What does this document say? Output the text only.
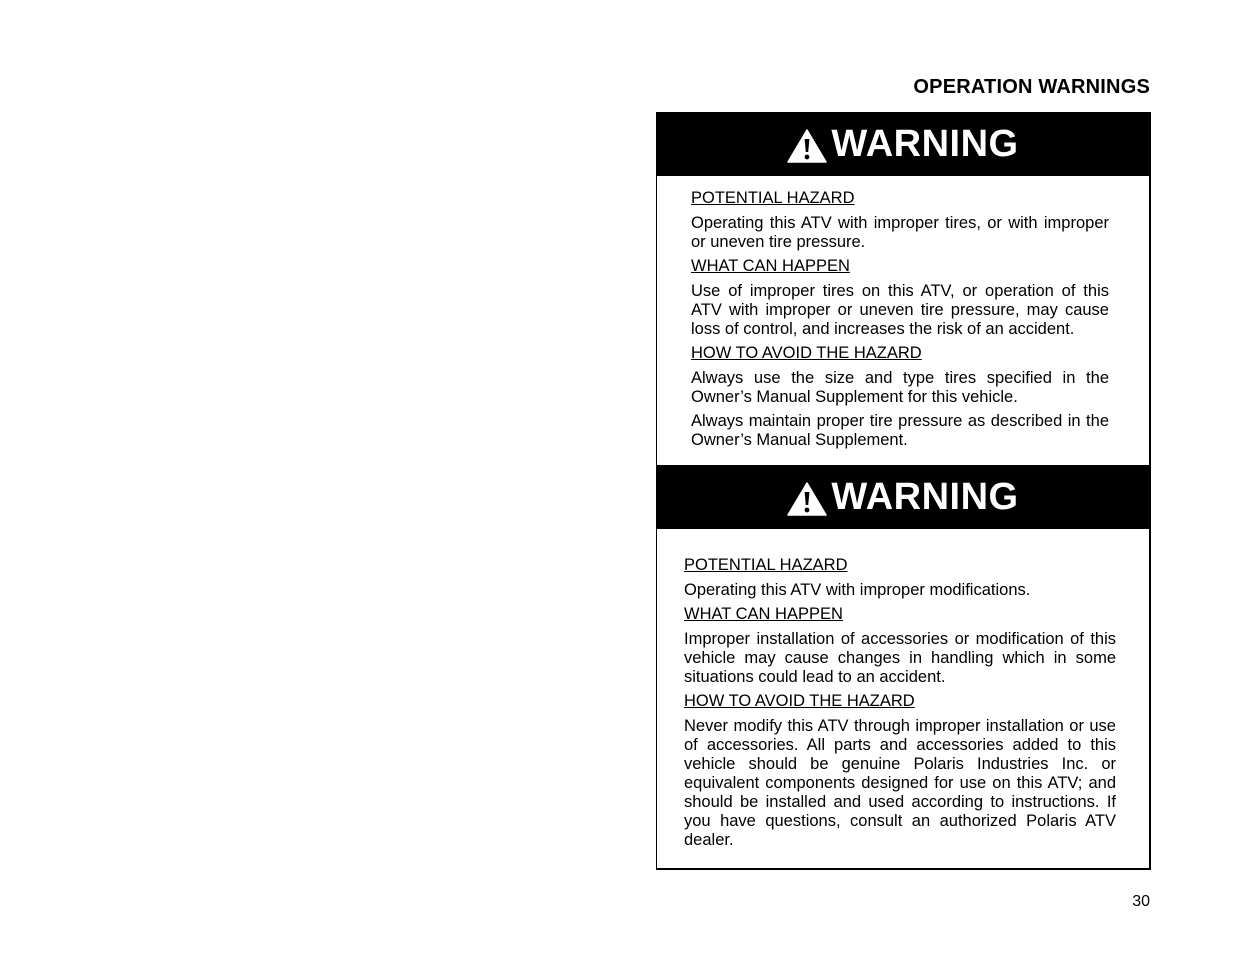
OPERATION WARNINGS
WARNING

POTENTIAL HAZARD

Operating this ATV with improper tires, or with improper or uneven tire pressure.

WHAT CAN HAPPEN

Use of improper tires on this ATV, or operation of this ATV with improper or uneven tire pressure, may cause loss of control, and increases the risk of an accident.

HOW TO AVOID THE HAZARD

Always use the size and type tires specified in the Owner’s Manual Supplement for this vehicle.

Always maintain proper tire pressure as described in the Owner’s Manual Supplement.

WARNING

POTENTIAL HAZARD

Operating this ATV with improper modifications.

WHAT CAN HAPPEN

Improper installation of accessories or modification of this vehicle may cause changes in handling which in some situations could lead to an accident.

HOW TO AVOID THE HAZARD

Never modify this ATV through improper installation or use of accessories. All parts and accessories added to this vehicle should be genuine Polaris Industries Inc. or equivalent components designed for use on this ATV; and should be installed and used according to instructions. If you have questions, consult an authorized Polaris ATV dealer.

30
